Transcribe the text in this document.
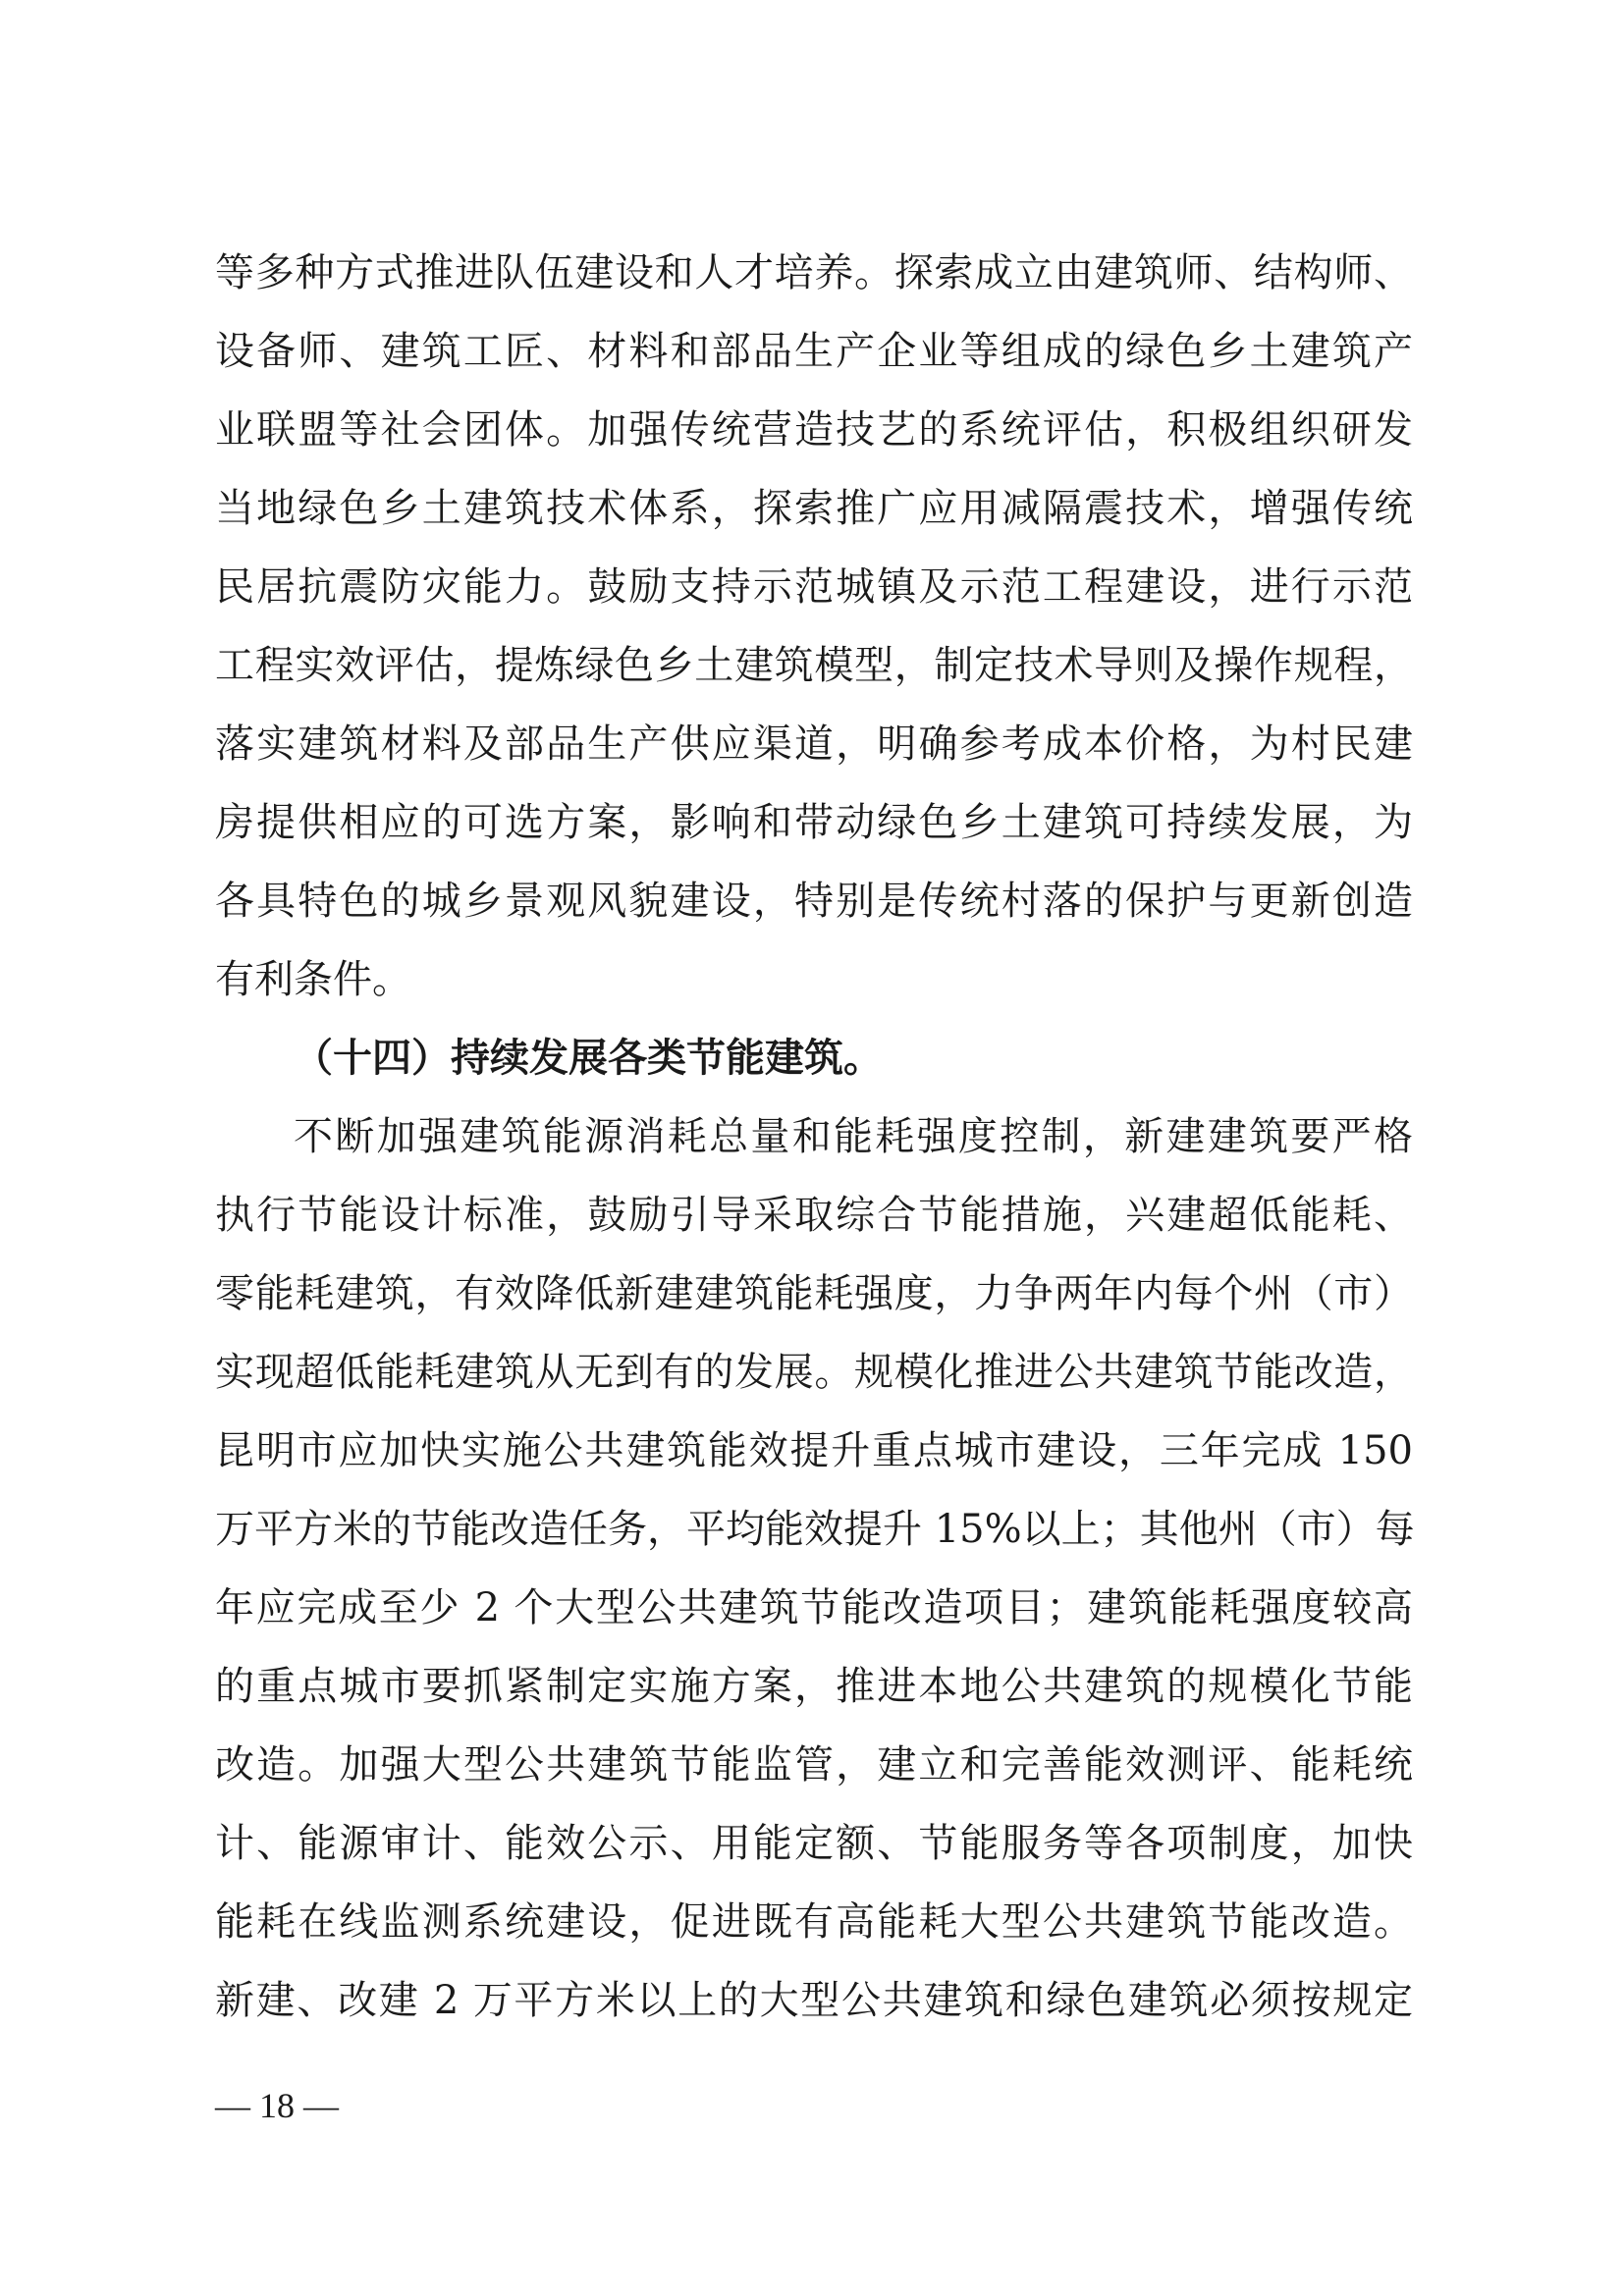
等多种方式推进队伍建设和人才培养。探索成立由建筑师、结构师、
设备师、建筑工匠、材料和部品生产企业等组成的绿色乡土建筑产
业联盟等社会团体。加强传统营造技艺的系统评估，积极组织研发
当地绿色乡土建筑技术体系，探索推广应用减隔震技术，增强传统
民居抗震防灾能力。鼓励支持示范城镇及示范工程建设，进行示范
工程实效评估，提炼绿色乡土建筑模型，制定技术导则及操作规程，
落实建筑材料及部品生产供应渠道，明确参考成本价格，为村民建
房提供相应的可选方案，影响和带动绿色乡土建筑可持续发展，为
各具特色的城乡景观风貌建设，特别是传统村落的保护与更新创造
有利条件。
（十四）持续发展各类节能建筑。
不断加强建筑能源消耗总量和能耗强度控制，新建建筑要严格
执行节能设计标准，鼓励引导采取综合节能措施，兴建超低能耗、
零能耗建筑，有效降低新建建筑能耗强度，力争两年内每个州（市）
实现超低能耗建筑从无到有的发展。规模化推进公共建筑节能改造，
昆明市应加快实施公共建筑能效提升重点城市建设，三年完成 150
万平方米的节能改造任务，平均能效提升 15%以上；其他州（市）每
年应完成至少 2 个大型公共建筑节能改造项目；建筑能耗强度较高
的重点城市要抓紧制定实施方案，推进本地公共建筑的规模化节能
改造。加强大型公共建筑节能监管，建立和完善能效测评、能耗统
计、能源审计、能效公示、用能定额、节能服务等各项制度，加快
能耗在线监测系统建设，促进既有高能耗大型公共建筑节能改造。
新建、改建 2 万平方米以上的大型公共建筑和绿色建筑必须按规定
— 18 —
